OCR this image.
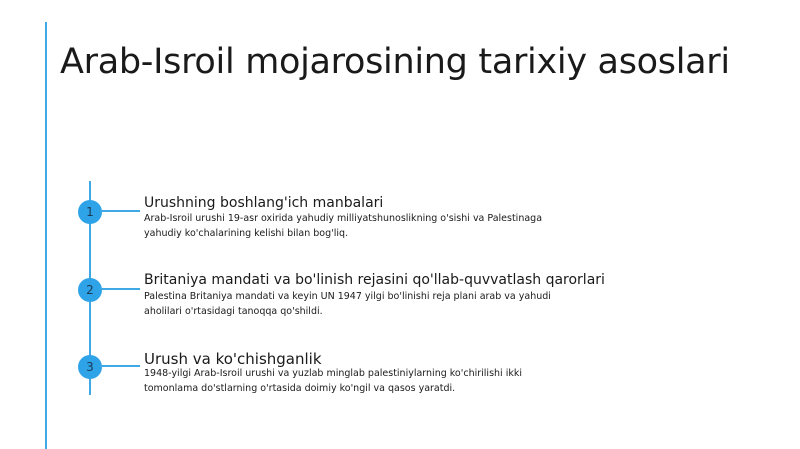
Arab-Isroil mojarosining tarixiy asoslari
1
Urushning boshlang'ich manbalari
Arab-Isroil urushi 19-asr oxirida yahudiy milliyatshunoslikning o'sishi va Palestinaga yahudiy ko'chalarining kelishi bilan bog'liq.
2
Britaniya mandati va bo'linish rejasini qo'llab-quvvatlash qarorlari
Palestina Britaniya mandati va keyin UN 1947 yilgi bo'linishi reja plani arab va yahudi aholilari o'rtasidagi tanoqqa qo'shildi.
3	Urush va ko'chishganlik
1948-yilgi Arab-Isroil urushi va yuzlab minglab palestiniylarning ko'chirilishi ikki tomonlama do'stlarning o'rtasida doimiy ko'ngil va qasos yaratdi.
